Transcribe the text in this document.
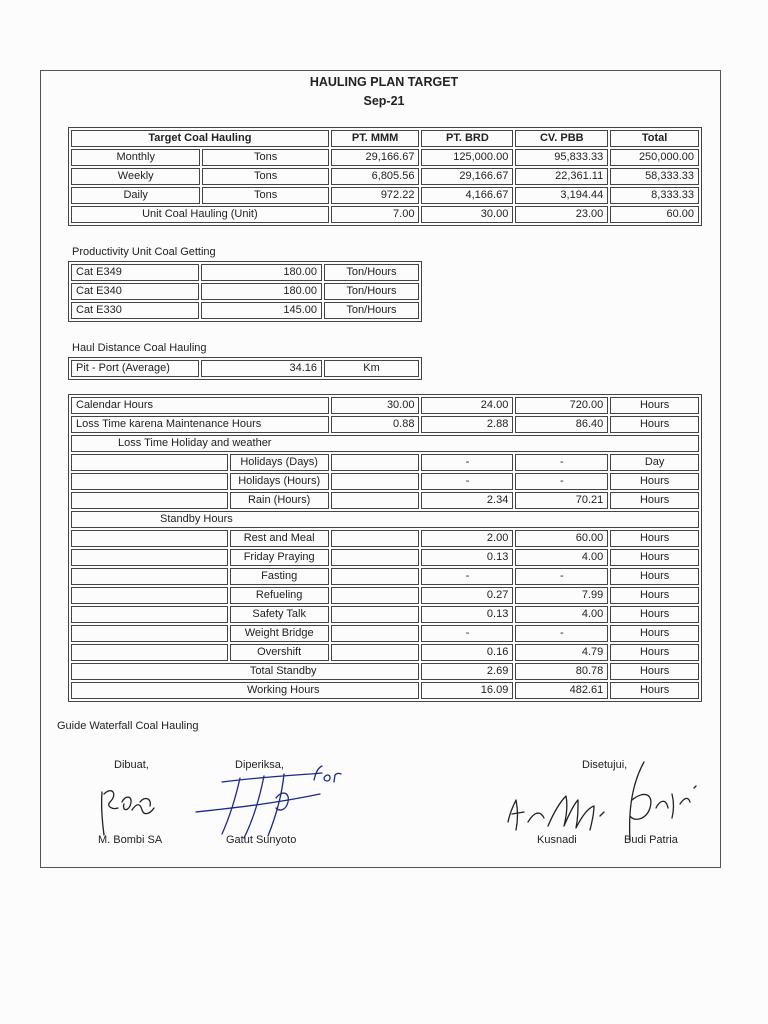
HAULING PLAN TARGET
Sep-21
Target Coal Hauling		PT. MMM	PT. BRD	CV. PBB	Total
Monthly	Tons	29,166.67	125,000.00	95,833.33	250,000.00
Weekly	Tons	6,805.56	29,166.67	22,361.11	58,333.33
Daily	Tons	972.22	4,166.67	3,194.44	8,333.33
Unit Coal Hauling (Unit)		7.00	30.00	23.00	60.00
Productivity Unit Coal Getting
Cat E349	180.00	Ton/Hours
Cat E340	180.00	Ton/Hours
Cat E330	145.00	Ton/Hours
Haul Distance Coal Hauling
Pit - Port (Average)	34.16	Km
Calendar Hours		30.00	24.00	720.00	Hours
Loss Time karena Maintenance Hours		0.88	2.88	86.40	Hours
Loss Time Holiday and weather					
	Holidays (Days)		-	-	Day
	Holidays (Hours)		-	-	Hours
	Rain (Hours)		2.34	70.21	Hours
Standby Hours					
	Rest and Meal		2.00	60.00	Hours
	Friday Praying		0.13	4.00	Hours
	Fasting		-	-	Hours
	Refueling		0.27	7.99	Hours
	Safety Talk		0.13	4.00	Hours
	Weight Bridge		-	-	Hours
	Overshift		0.16	4.79	Hours
Total Standby			2.69	80.78	Hours
Working Hours			16.09	482.61	Hours
Guide Waterfall Coal Hauling
Dibuat,	Diperiksa,	Disetujui,
M. Bombi SA	Gatut Sunyoto	Kusnadi	Budi Patria
